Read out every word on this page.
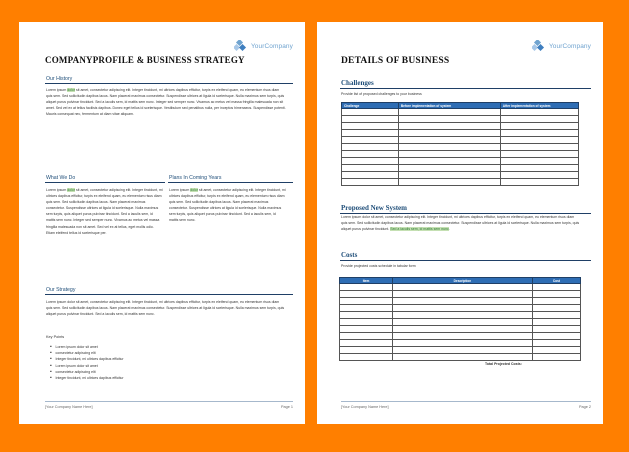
YourCompany
COMPANYPROFILE & BUSINESS STRATEGY
Our History
Lorem ipsum dolor sit amet, consectetur adipiscing elit. Integer tincidunt, mi ultrices dapibus efficitur, turpis ex eleifend quam, eu elementum risus diam quis sem. Sed sollicitudin dapibus lacus. Nam placerat maximus consectetur. Suspendisse ultrices at ligula id scelerisque. Nulla maximus sem turpis, quis aliquet purus pulvinar tincidunt. Sed a iaculis sem, id mattis sem nunc. Integer sed semper nunc. Vivamus ac metus vel massa fringilla malesuada non sit amet. Sed vel ex at tellus facilisis dapibus. Donec eget tellus id scelerisque. Vestibulum sed penatibus nulla, per inceptos himenaeos. Suspendisse potenti. Mauris consequat nec, fermentum at diam vitae aliquam.
What We Do
Lorem ipsum dolor sit amet, consectetur adipiscing elit. Integer tincidunt, mi ultrices dapibus efficitur, turpis ex eleifend quam, eu elementum risus diam quis sem. Sed sollicitudin dapibus lacus. Nam placerat maximus consectetur. Suspendisse ultrices at ligula id scelerisque. Nulla maximus sem turpis, quis aliquet purus pulvinar tincidunt. Sed a iaculis sem, id mattis sem nunc. Integer sed semper nunc. Vivamus ac metus vel massa fringilla malesuada non sit amet. Sed vel ex at tellus, eget mollis odio. Etiam eleifend tellus id scelerisque per.
Plans In Coming Years
Lorem ipsum dolor sit amet, consectetur adipiscing elit. Integer tincidunt, mi ultrices dapibus efficitur, turpis ex eleifend quam, eu elementum risus diam quis sem. Sed sollicitudin dapibus lacus. Nam placerat maximus consectetur. Suspendisse ultrices at ligula id scelerisque. Nulla maximus sem turpis, quis aliquet purus pulvinar tincidunt. Sed a iaculis sem, id mattis sem nunc.
Our Strategy
Lorem ipsum dolor sit amet, consectetur adipiscing elit. Integer tincidunt, mi ultrices dapibus efficitur, turpis ex eleifend quam, eu elementum risus diam quis sem. Sed sollicitudin dapibus lacus. Nam placerat maximus consectetur. Suspendisse ultrices at ligula id scelerisque. Nulla maximus sem turpis, quis aliquet purus pulvinar tincidunt. Sed a iaculis sem, id mattis sem nunc.
Key Points
■ Lorem ipsum dolor sit amet
■ consectetur adipiscing elit
■ Integer tincidunt, mi ultrices dapibus efficitur
■ Lorem ipsum dolor sit amet
■ consectetur adipiscing elit
■ Integer tincidunt, mi ultrices dapibus efficitur
[Your Company Name Here]	Page 1
YourCompany
DETAILS OF BUSINESS
Challenges
Provide list of proposed challenges to your business
Challenge	Before implementation of system	After implementation of system

Proposed New System
Lorem ipsum dolor sit amet, consectetur adipiscing elit. Integer tincidunt, mi ultrices dapibus efficitur, turpis ex eleifend quam, eu elementum risus diam quis sem. Sed sollicitudin dapibus lacus. Nam placerat maximus consectetur. Suspendisse ultrices at ligula id scelerisque. Nulla maximus sem turpis, quis aliquet purus pulvinar tincidunt. Sed a iaculis sem, id mattis sem nunc.
Costs
Provide projected costs schedule in tabular form
Item	Description	Cost

Total Projected Costs:
[Your Company Name Here]	Page 2
